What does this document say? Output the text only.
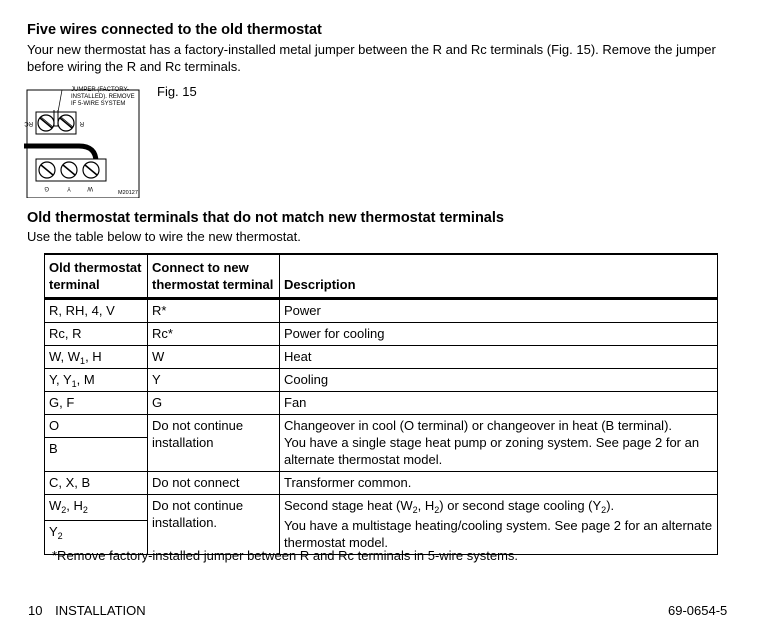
Five wires connected to the old thermostat
Your new thermostat has a factory-installed metal jumper between the R and Rc terminals (Fig. 15). Remove the jumper before wiring the R and Rc terminals.
JUMPER (FACTORY-
INSTALLED). REMOVE
IF 5-WIRE SYSTEM
RC	R
G	Y	W
M20127
Fig. 15
Old thermostat terminals that do not match new thermostat terminals
Use the table below to wire the new thermostat.
Old thermostat terminal	Connect to new thermostat terminal	Description
R, RH, 4, V	R*	Power
Rc, R	Rc*	Power for cooling
W, $W_1$, H	W	Heat
Y, $Y_1$, M	Y	Cooling
G, F	G	Fan
O	Do not continue installation	Changeover in cool (O terminal) or changeover in heat (B terminal).
You have a single stage heat pump or zoning system. See page 2 for an alternate thermostat model.

B		
C, X, B	Do not connect	Transformer common.
$W_2$, $H_2$	Do not continue installation.	Second stage heat ($W_2$, $H_2$) or second stage cooling $(Y_2)$.
You have a multistage heating/cooling system. See page 2 for an alternate thermostat model.

$Y_2$
*Remove factory-installed jumper between R and Rc terminals in 5-wire systems.
10 INSTALLATION	69-0654-5
